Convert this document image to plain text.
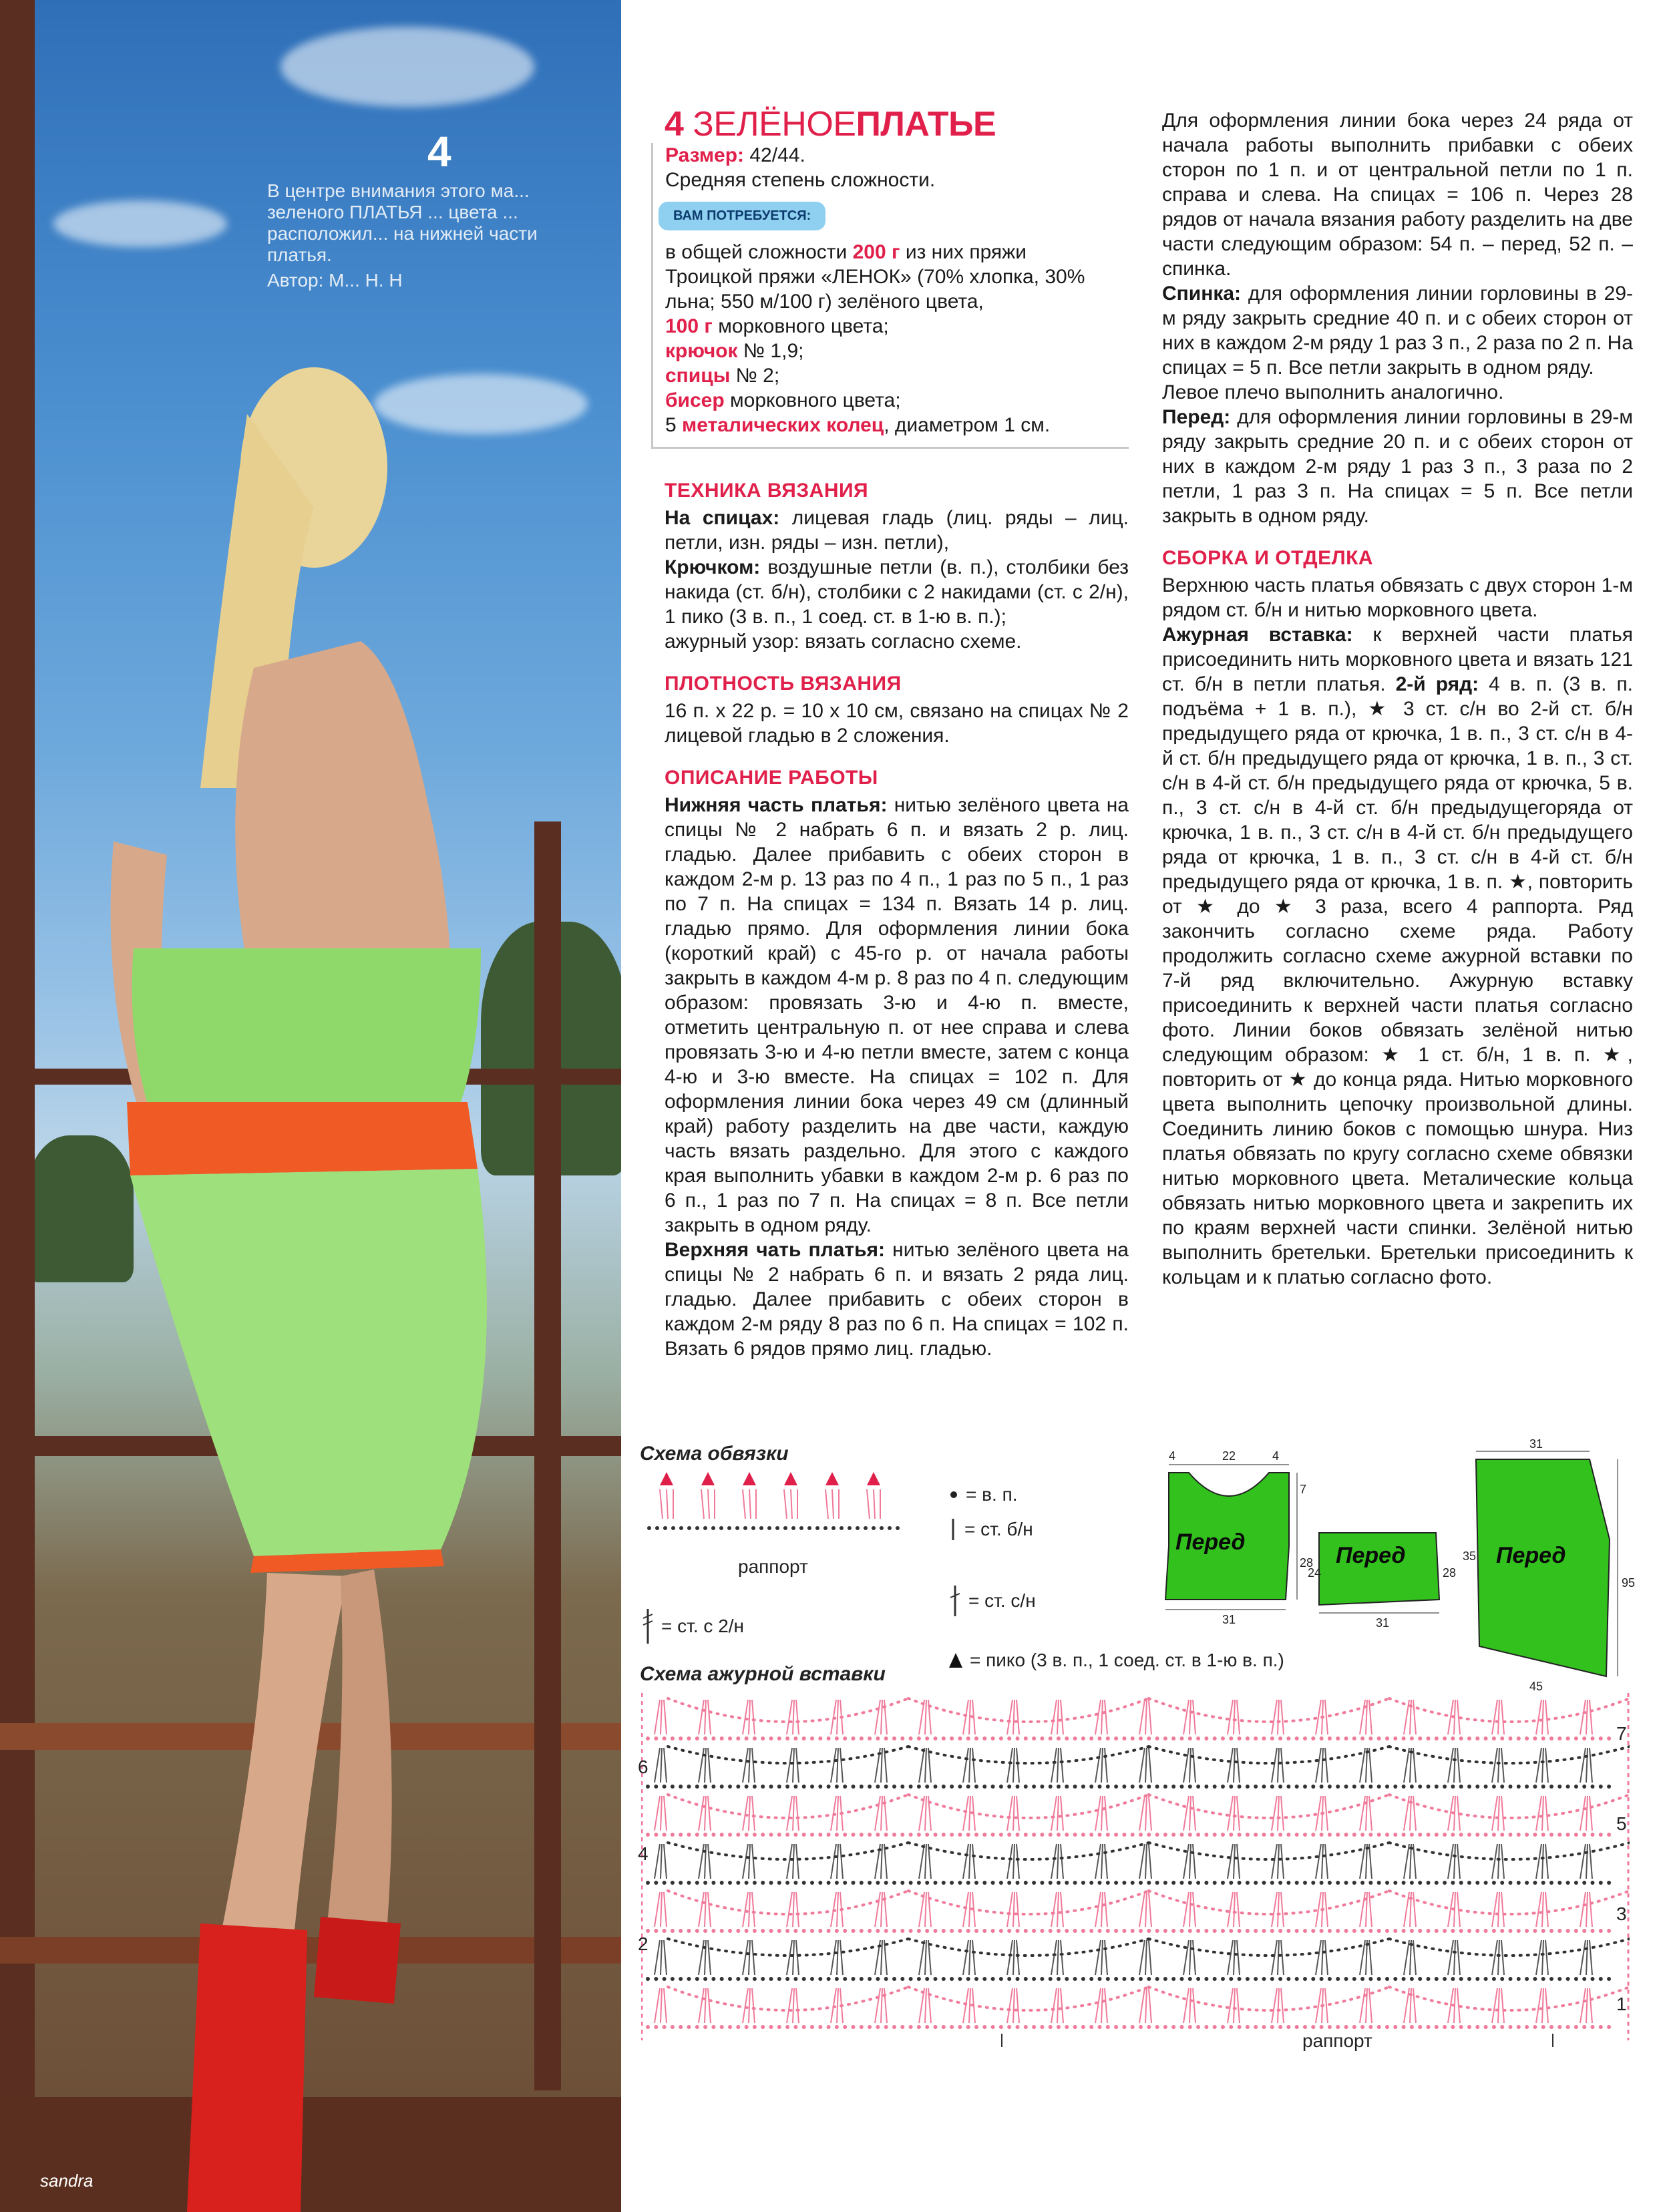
4
В центре внимания этого ма... зеленого ПЛАТЬЯ ... цвета ... расположил... на нижней части платья.
Автор: М... Н. Н
sandra
4 ЗЕЛЁНОЕПЛАТЬЕ

Размер: 42/44.

Средняя степень сложности.

ВАМ ПОТРЕБУЕТСЯ:

в общей сложности 200 г из них пряжи Троицкой пряжи «ЛЕНОК» (70% хлопка, 30% льна; 550 м/100 г) зелёного цвета,

100 г морковного цвета;

крючок № 1,9;

спицы № 2;

бисер морковного цвета;

5 металических колец, диаметром 1 см.

ТЕХНИКА ВЯЗАНИЯ

На спицах: лицевая гладь (лиц. ряды – лиц. петли, изн. ряды – изн. петли),

Крючком: воздушные петли (в. п.), столбики без накида (ст. б/н), столбики с 2 накидами (ст. с 2/н), 1 пико (3 в. п., 1 соед. ст. в 1-ю в. п.);

ажурный узор: вязать согласно схеме.

ПЛОТНОСТЬ ВЯЗАНИЯ

16 п. х 22 р. = 10 х 10 см, связано на спицах № 2 лицевой гладью в 2 сложения.

ОПИСАНИЕ РАБОТЫ

Нижняя часть платья: нитью зелёного цвета на спицы № 2 набрать 6 п. и вязать 2 р. лиц. гладью. Далее прибавить с обеих сторон в каждом 2-м р. 13 раз по 4 п., 1 раз по 5 п., 1 раз по 7 п. На спицах = 134 п. Вязать 14 р. лиц. гладью прямо. Для оформления линии бока (короткий край) с 45-го р. от начала работы закрыть в каждом 4-м р. 8 раз по 4 п. следующим образом: провязать 3-ю и 4-ю п. вместе, отметить центральную п. от нее справа и слева провязать 3-ю и 4-ю петли вместе, затем с конца 4-ю и 3-ю вместе. На спицах = 102 п. Для оформления линии бока через 49 см (длинный край) работу разделить на две части, каждую часть вязать раздельно. Для этого с каждого края выполнить убавки в каждом 2-м р. 6 раз по 6 п., 1 раз по 7 п. На спицах = 8 п. Все петли закрыть в одном ряду.

Верхняя чать платья: нитью зелёного цвета на спицы № 2 набрать 6 п. и вязать 2 ряда лиц. гладью. Далее прибавить с обеих сторон в каждом 2-м ряду 8 раз по 6 п. На спицах = 102 п. Вязать 6 рядов прямо лиц. гладью.

Для оформления линии бока через 24 ряда от начала работы выполнить прибавки с обеих сторон по 1 п. и от центральной петли по 1 п. справа и слева. На спицах = 106 п. Через 28 рядов от начала вязания работу разделить на две части следующим образом: 54 п. – перед, 52 п. – спинка.

Спинка: для оформления линии горловины в 29-м ряду закрыть средние 40 п. и с обеих сторон от них в каждом 2-м ряду 1 раз 3 п., 2 раза по 2 п. На спицах = 5 п. Все петли закрыть в одном ряду.

Левое плечо выполнить аналогично.

Перед: для оформления линии горловины в 29-м ряду закрыть средние 20 п. и с обеих сторон от них в каждом 2-м ряду 1 раз 3 п., 3 раза по 2 петли, 1 раз 3 п. На спицах = 5 п. Все петли закрыть в одном ряду.

СБОРКА И ОТДЕЛКА

Верхнюю часть платья обвязать с двух сторон 1-м рядом ст. б/н и нитью морковного цвета.

Ажурная вставка: к верхней части платья присоединить нить морковного цвета и вязать 121 ст. б/н в петли платья. 2-й ряд: 4 в. п. (3 в. п. подъёма + 1 в. п.), ★ 3 ст. с/н во 2-й ст. б/н предыдущего ряда от крючка, 1 в. п., 3 ст. с/н в 4-й ст. б/н предыдущего ряда от крючка, 1 в. п., 3 ст. с/н в 4-й ст. б/н предыдущего ряда от крючка, 5 в. п., 3 ст. с/н в 4-й ст. б/н предыдущегоряда от крючка, 1 в. п., 3 ст. с/н в 4-й ст. б/н предыдущего ряда от крючка, 1 в. п., 3 ст. с/н в 4-й ст. б/н предыдущего ряда от крючка, 1 в. п. ★, повторить от ★ до ★ 3 раза, всего 4 раппорта. Ряд закончить согласно схеме ряда. Работу продолжить согласно схеме ажурной вставки по 7-й ряд включительно. Ажурную вставку присоединить к верхней части платья согласно фото. Линии боков обвязать зелёной нитью следующим образом: ★ 1 ст. б/н, 1 в. п. ★, повторить от ★ до конца ряда. Нитью морковного цвета выполнить цепочку произвольной длины. Соединить линию боков с помощью шнура. Низ платья обвязать по кругу согласно схеме обвязки нитью морковного цвета. Металические кольца обвязать нитью морковного цвета и закрепить их по краям верхней части спинки. Зелёной нитью выполнить бретельки. Бретельки присоединить к кольцам и к платью согласно фото.

Схема обвязки
раппорт
= ст. с 2/н
= в. п.
= ст. б/н
= ст. с/н
= пико (3 в. п., 1 соед. ст. в 1-ю в. п.)
Перед
Перед	Перед
4	22	4
7
28
31
24	28
31
31
35
95
45
Схема ажурной вставки
раппорт
6
4
2
7
5
3
1
